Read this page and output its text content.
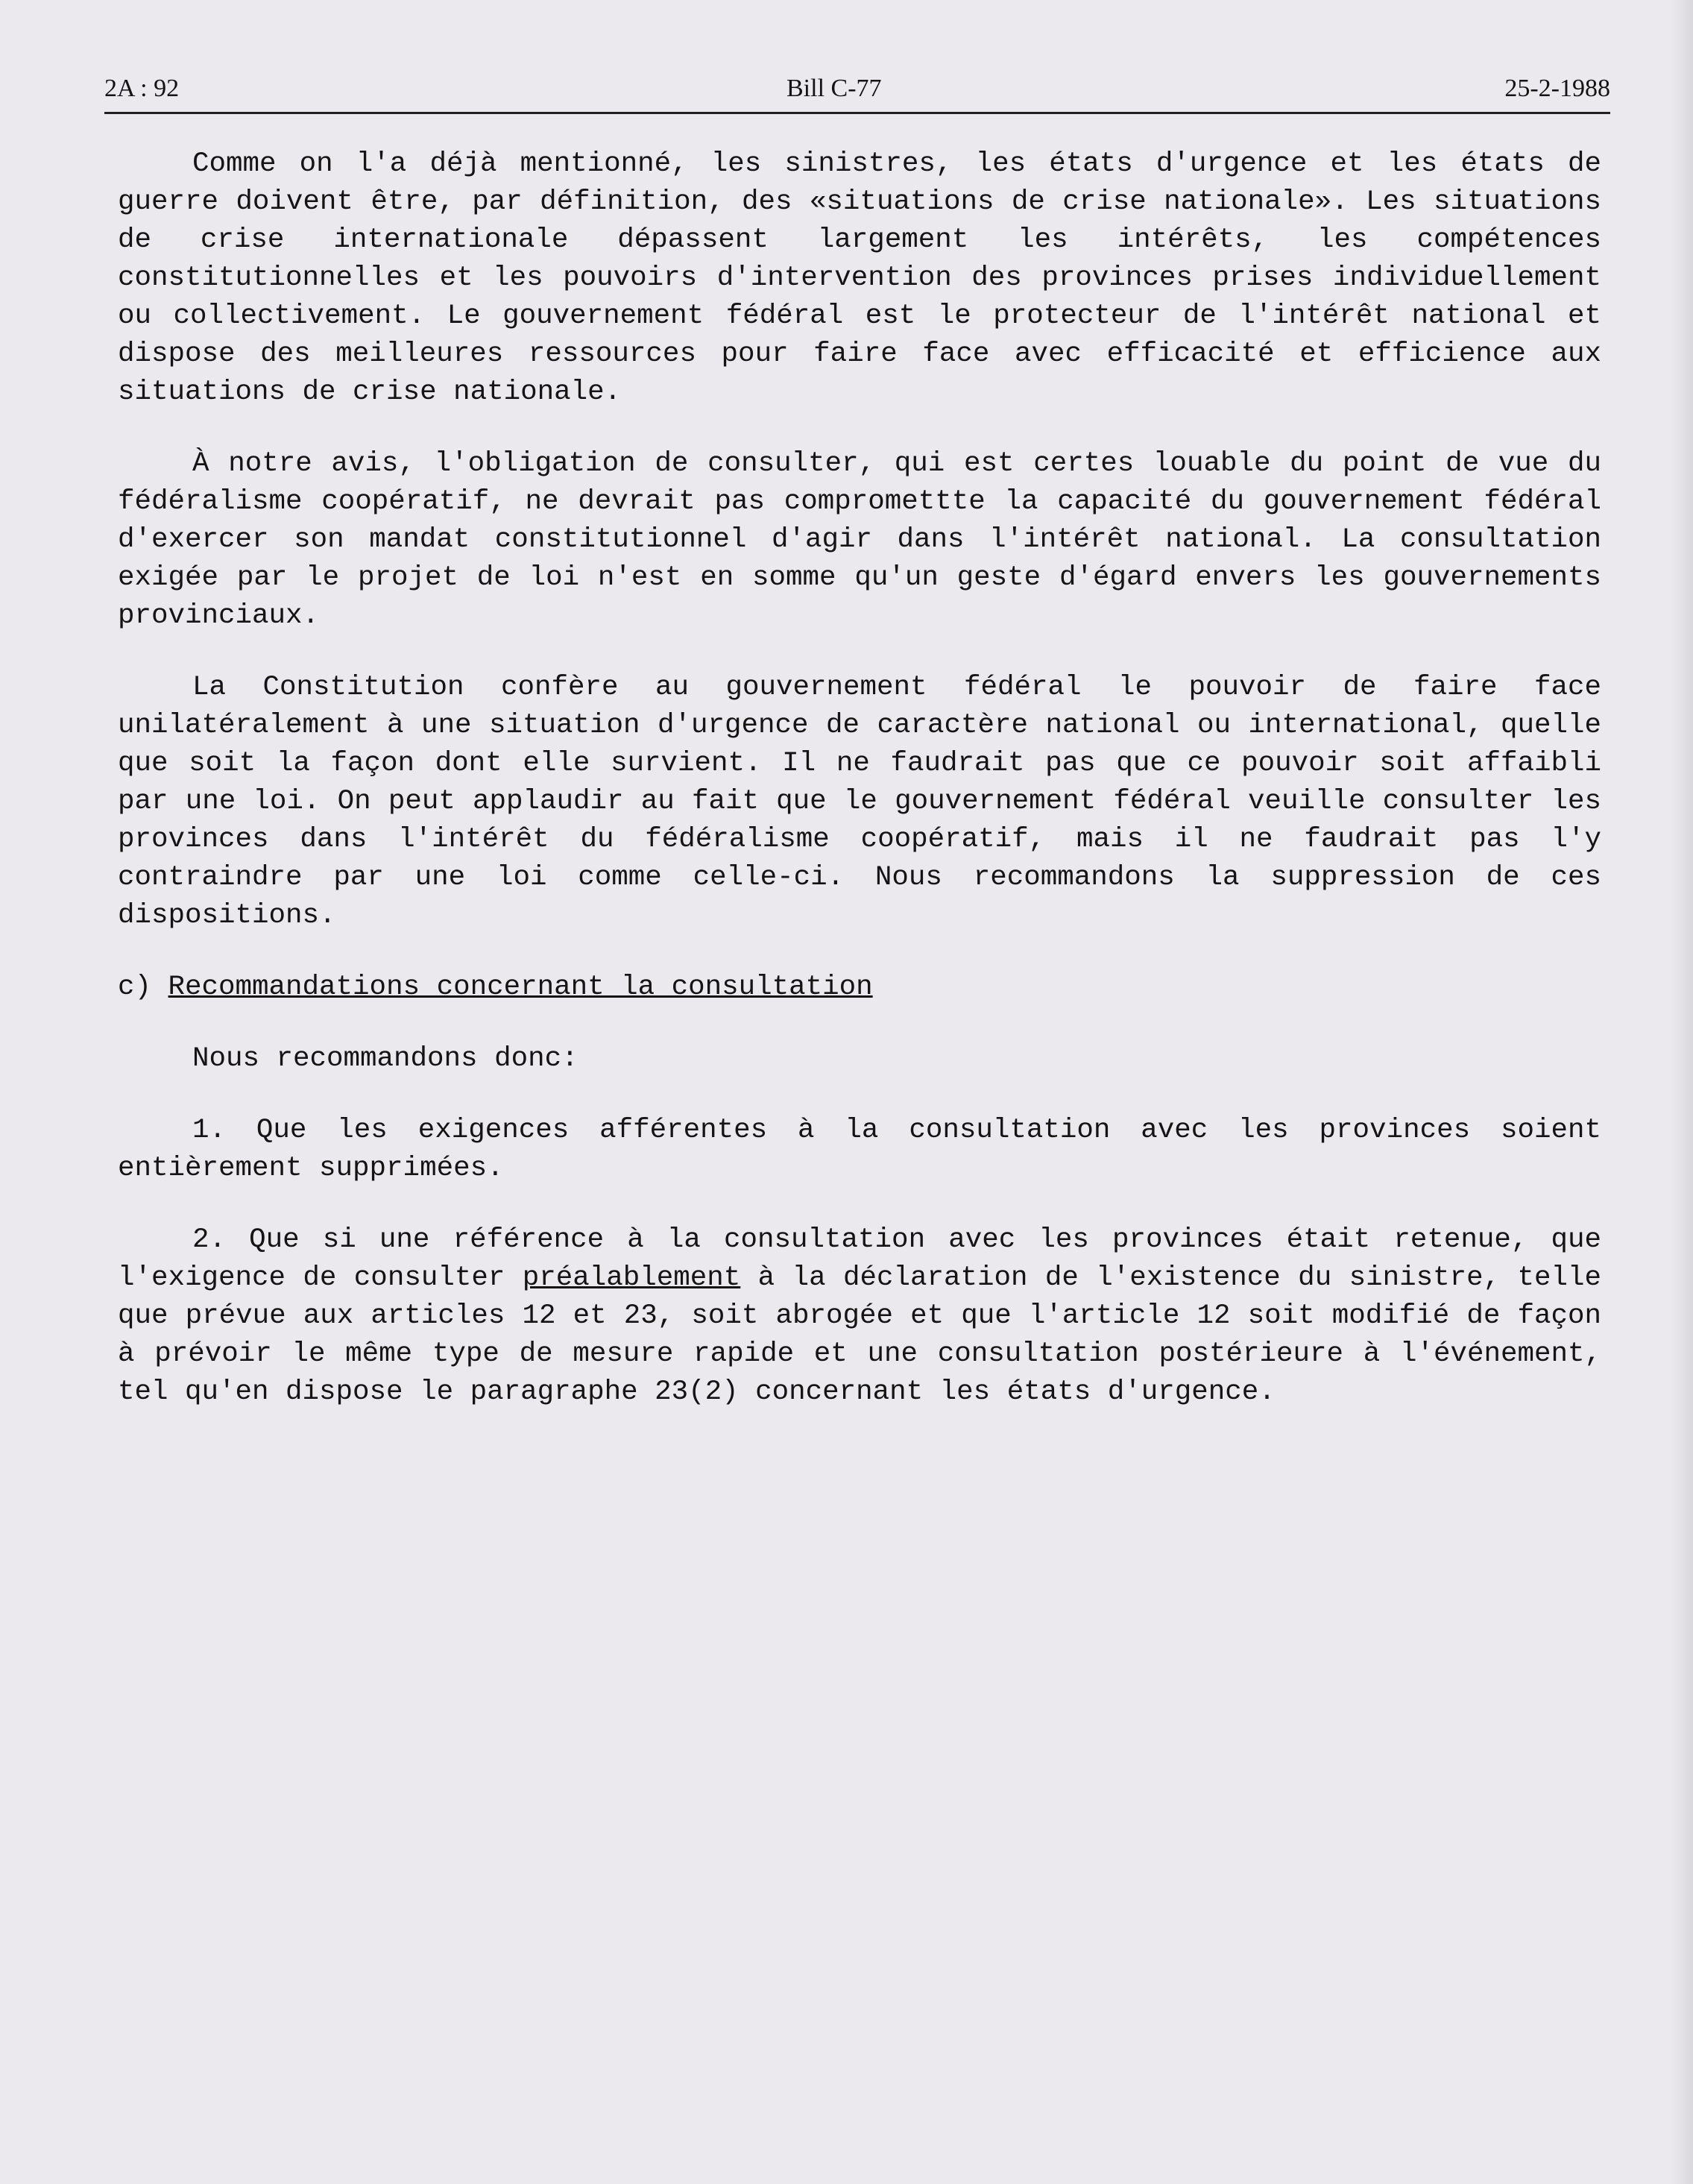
2A : 92	Bill C-77	25-2-1988

Comme on l'a déjà mentionné, les sinistres, les états d'urgence et les états de guerre doivent être, par définition, des «situations de crise nationale». Les situations de crise internationale dépassent largement les intérêts, les compétences constitutionnelles et les pouvoirs d'intervention des provinces prises individuellement ou collectivement. Le gouvernement fédéral est le protecteur de l'intérêt national et dispose des meilleures ressources pour faire face avec efficacité et efficience aux situations de crise nationale.

À notre avis, l'obligation de consulter, qui est certes louable du point de vue du fédéralisme coopératif, ne devrait pas compromettte la capacité du gouvernement fédéral d'exercer son mandat constitutionnel d'agir dans l'intérêt national. La consultation exigée par le projet de loi n'est en somme qu'un geste d'égard envers les gouvernements provinciaux.

La Constitution confère au gouvernement fédéral le pouvoir de faire face unilatéralement à une situation d'urgence de caractère national ou international, quelle que soit la façon dont elle survient. Il ne faudrait pas que ce pouvoir soit affaibli par une loi. On peut applaudir au fait que le gouvernement fédéral veuille consulter les provinces dans l'intérêt du fédéralisme coopératif, mais il ne faudrait pas l'y contraindre par une loi comme celle-ci. Nous recommandons la suppression de ces dispositions.

c) Recommandations concernant la consultation

Nous recommandons donc:

1. Que les exigences afférentes à la consultation avec les provinces soient entièrement supprimées.

2. Que si une référence à la consultation avec les provinces était retenue, que l'exigence de consulter préalablement à la déclaration de l'existence du sinistre, telle que prévue aux articles 12 et 23, soit abrogée et que l'article 12 soit modifié de façon à prévoir le même type de mesure rapide et une consultation postérieure à l'événement, tel qu'en dispose le paragraphe 23(2) concernant les états d'urgence.
